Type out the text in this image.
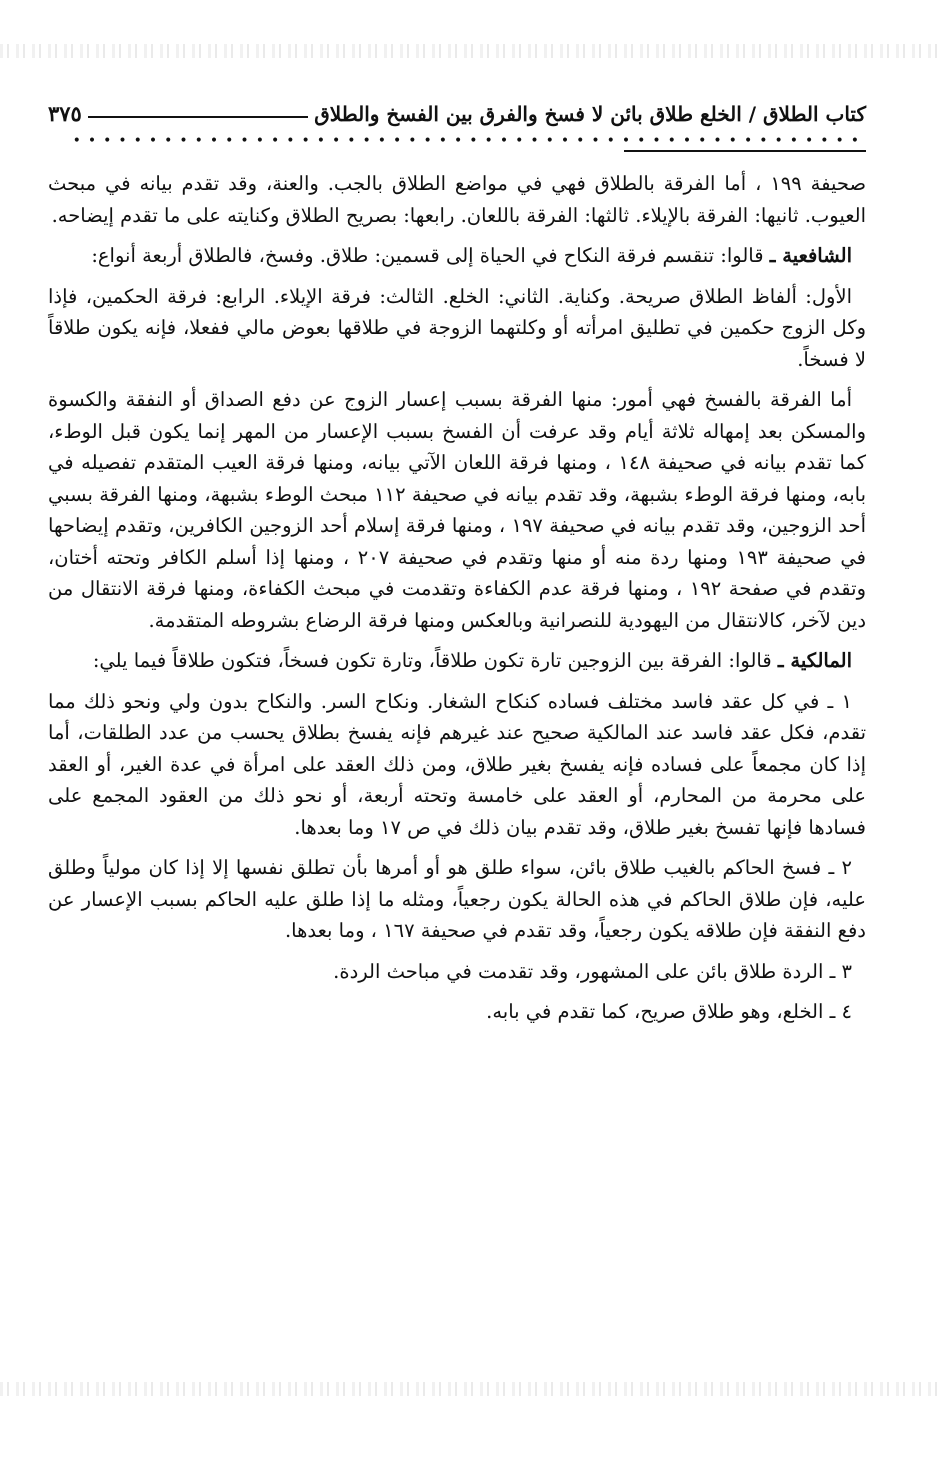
كتاب الطلاق / الخلع طلاق بائن لا فسخ والفرق بين الفسخ والطلاق
٣٧٥
••••••••••••••••••••••••••••••••••••••••••••••••••••

صحيفة ١٩٩ ، أما الفرقة بالطلاق فهي في مواضع الطلاق بالجب. والعنة، وقد تقدم بيانه في مبحث العيوب. ثانيها: الفرقة بالإيلاء. ثالثها: الفرقة باللعان. رابعها: بصريح الطلاق وكنايته على ما تقدم إيضاحه.

الشافعية ـ قالوا: تنقسم فرقة النكاح في الحياة إلى قسمين: طلاق. وفسخ، فالطلاق أربعة أنواع:

الأول: ألفاظ الطلاق صريحة. وكناية. الثاني: الخلع. الثالث: فرقة الإيلاء. الرابع: فرقة الحكمين، فإذا وكل الزوج حكمين في تطليق امرأته أو وكلتهما الزوجة في طلاقها بعوض مالي ففعلا، فإنه يكون طلاقاً لا فسخاً.

أما الفرقة بالفسخ فهي أمور: منها الفرقة بسبب إعسار الزوج عن دفع الصداق أو النفقة والكسوة والمسكن بعد إمهاله ثلاثة أيام وقد عرفت أن الفسخ بسبب الإعسار من المهر إنما يكون قبل الوطء، كما تقدم بيانه في صحيفة ١٤٨ ، ومنها فرقة اللعان الآتي بيانه، ومنها فرقة العيب المتقدم تفصيله في بابه، ومنها فرقة الوطء بشبهة، وقد تقدم بيانه في صحيفة ١١٢ مبحث الوطء بشبهة، ومنها الفرقة بسبي أحد الزوجين، وقد تقدم بيانه في صحيفة ١٩٧ ، ومنها فرقة إسلام أحد الزوجين الكافرين، وتقدم إيضاحها في صحيفة ١٩٣ ومنها ردة منه أو منها وتقدم في صحيفة ٢٠٧ ، ومنها إذا أسلم الكافر وتحته أختان، وتقدم في صفحة ١٩٢ ، ومنها فرقة عدم الكفاءة وتقدمت في مبحث الكفاءة، ومنها فرقة الانتقال من دين لآخر، كالانتقال من اليهودية للنصرانية وبالعكس ومنها فرقة الرضاع بشروطه المتقدمة.

المالكية ـ قالوا: الفرقة بين الزوجين تارة تكون طلاقاً، وتارة تكون فسخاً، فتكون طلاقاً فيما يلي:

١ ـ في كل عقد فاسد مختلف فساده كنكاح الشغار. ونكاح السر. والنكاح بدون ولي ونحو ذلك مما تقدم، فكل عقد فاسد عند المالكية صحيح عند غيرهم فإنه يفسخ بطلاق يحسب من عدد الطلقات، أما إذا كان مجمعاً على فساده فإنه يفسخ بغير طلاق، ومن ذلك العقد على امرأة في عدة الغير، أو العقد على محرمة من المحارم، أو العقد على خامسة وتحته أربعة، أو نحو ذلك من العقود المجمع على فسادها فإنها تفسخ بغير طلاق، وقد تقدم بيان ذلك في ص ١٧ وما بعدها.

٢ ـ فسخ الحاكم بالغيب طلاق بائن، سواء طلق هو أو أمرها بأن تطلق نفسها إلا إذا كان مولياً وطلق عليه، فإن طلاق الحاكم في هذه الحالة يكون رجعياً، ومثله ما إذا طلق عليه الحاكم بسبب الإعسار عن دفع النفقة فإن طلاقه يكون رجعياً، وقد تقدم في صحيفة ١٦٧ ، وما بعدها.

٣ ـ الردة طلاق بائن على المشهور، وقد تقدمت في مباحث الردة.

٤ ـ الخلع، وهو طلاق صريح، كما تقدم في بابه.
